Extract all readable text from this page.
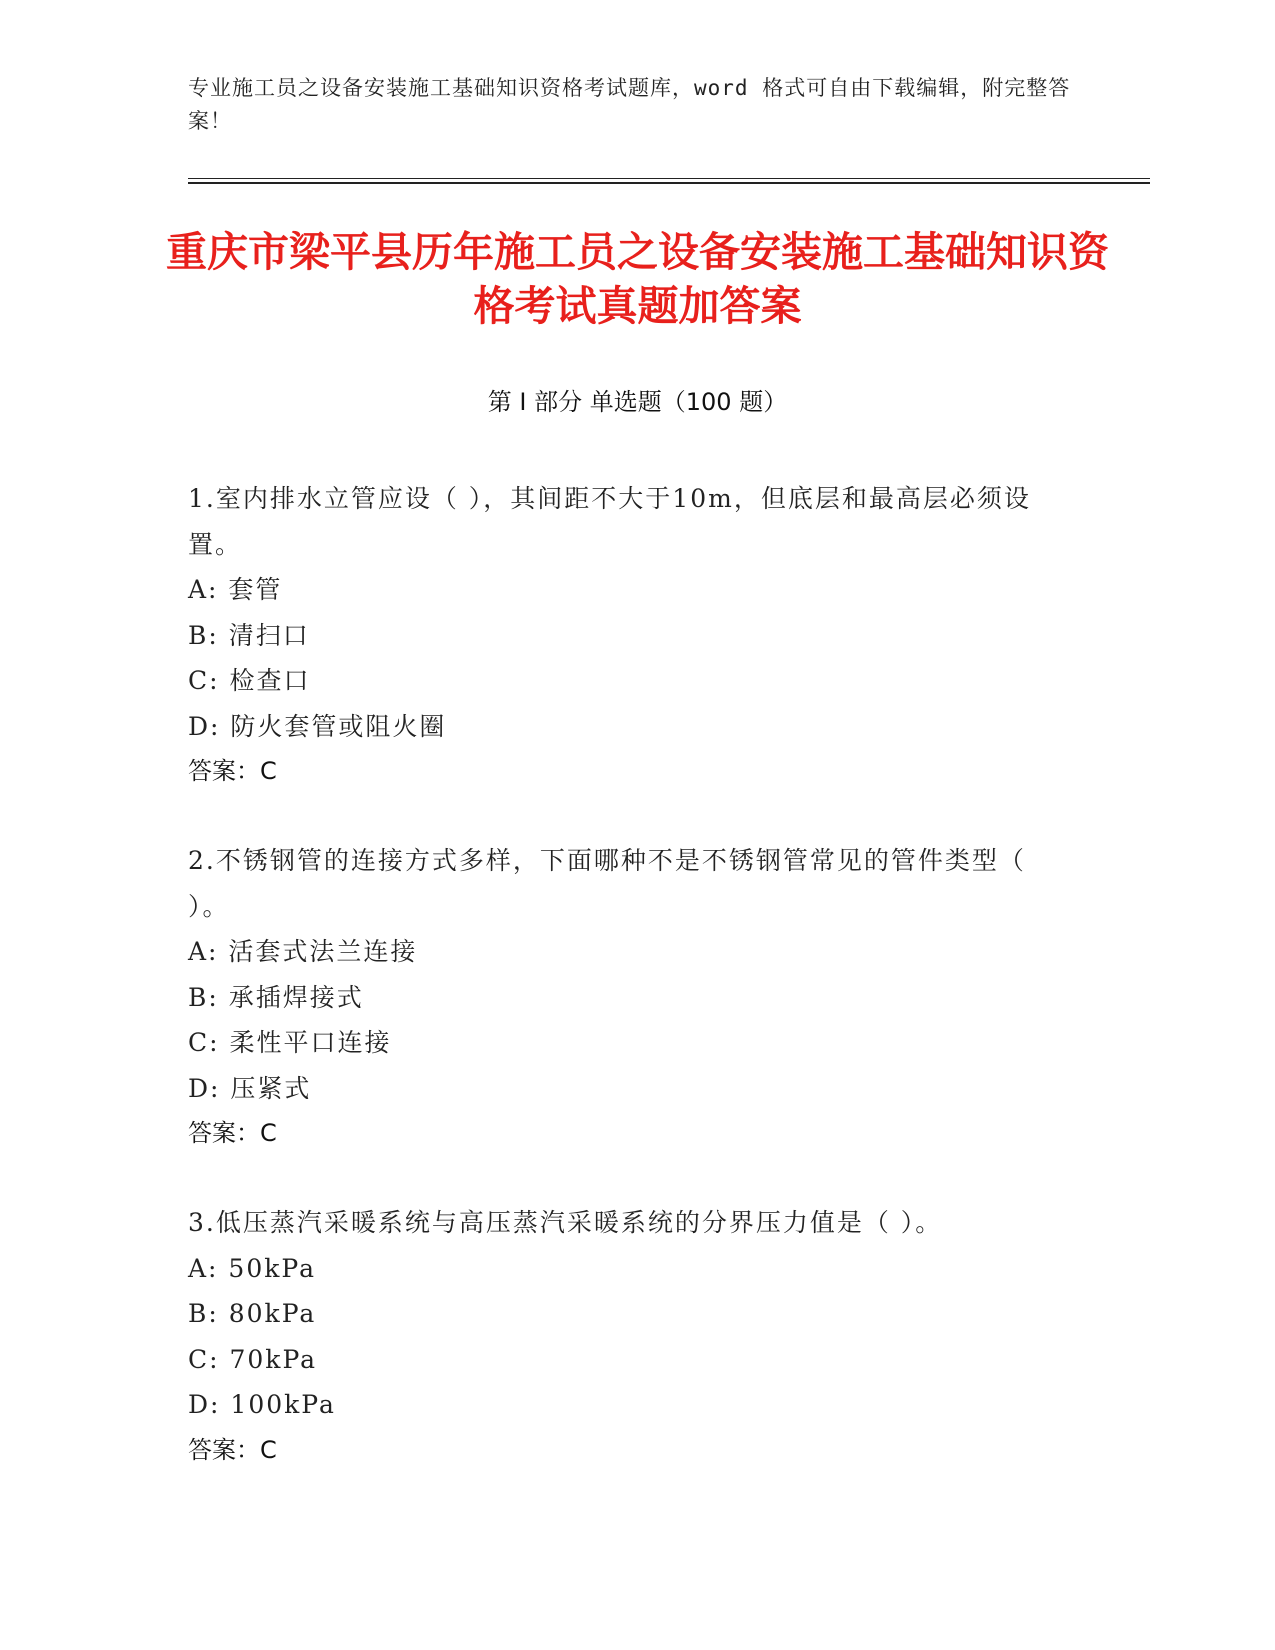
专业施工员之设备安装施工基础知识资格考试题库，word 格式可自由下载编辑，附完整答案！
重庆市梁平县历年施工员之设备安装施工基础知识资格考试真题加答案
第 I 部分 单选题（100 题）
1.室内排水立管应设（ ），其间距不大于10m，但底层和最高层必须设置。
A: 套管
B: 清扫口
C: 检查口
D: 防火套管或阻火圈
答案：C
2.不锈钢管的连接方式多样，下面哪种不是不锈钢管常见的管件类型（ ）。
A: 活套式法兰连接
B: 承插焊接式
C: 柔性平口连接
D: 压紧式
答案：C
3.低压蒸汽采暖系统与高压蒸汽采暖系统的分界压力值是（ ）。
A: 50kPa
B: 80kPa
C: 70kPa
D: 100kPa
答案：C
